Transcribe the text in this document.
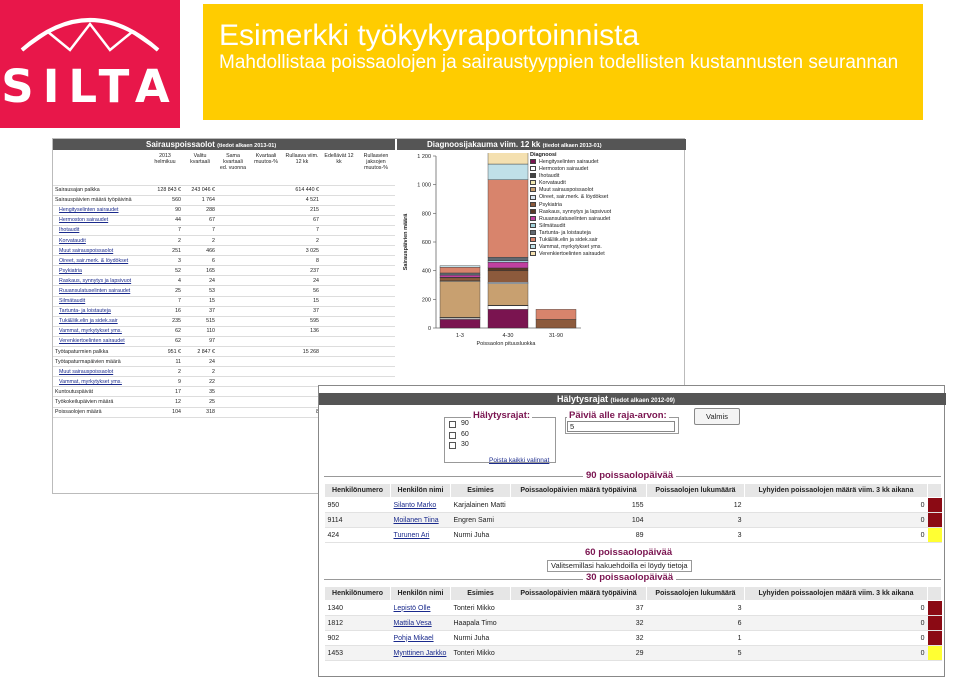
SILTA
Esimerkki työkykyraportoinnista
Mahdollistaa poissaolojen ja sairaustyyppien todellisten kustannusten seurannan
Sairauspoissaolot (tiedot alkaen 2013-01)	Diagnoosijakauma viim. 12 kk (tiedot alkaen 2013-01)
	2013 helmikuu	Valitu kvartaali	Sama kvartaali ed. vuonna	Kvartaali muutos-%	Rullaava viim. 12 kk	Edellävät 12 kk	Rullaavien jaksojen muutos-%
Sairausajan palkka	128 843 €	243 046 €			614 440 €		
Sairauspäivien määrä työpäivinä	560	1 764			4 521		
Hengityselinten sairaudet	90	288			215		
Hermoston sairaudet	44	67			67		
Ihotaudit	7	7			7		
Korvataudit	2	2			2		
Muut sairauspoissaolot	251	466			3 025		
Oireet, sair.merk. & löydökset	3	6			8		
Psykiatria	52	165			237		
Raskaus, synnytys ja lapsivuot	4	24			24		
Ruuansulatuselinten sairaudet	25	53			56		
Silmätaudit	7	15			15		
Tartunta- ja loistauteja	16	37			37		
Tuki&liik.elin ja sidek.sair	235	515			595		
Vammat, myrkytykset yms.	62	110			136		
Verenkiertoelinten sairaudet	62	97					
Työtapaturmien palkka	951 €	2 847 €			15 268		
Työtapaturmapäivien määrä	11	24					
Muut sairauspoissaolot	2	2					
Vammat, myrkytykset yms.	9	22					
Kuntoutuspäivät	17	35					
Työkokeilupäivien määrä	12	25					
Poissaolojen määrä	104	318					
0
200
400
600
800
1 000
1 200
Sairauspäivien määrä
1-3	4-30	31-90
Poissaolon pituusluokka
Diagnoosi
Hengityselinten sairaudet
Hermoston sairaudet
Ihotaudit
Korvataudit
Muut sairauspoissaolot
Oireet, sair.merk. & löydökset
Psykiatria
Raskaus, synnytys ja lapsivuot
Ruuansulatuselinten sairaudet
Silmätaudit
Tartunta- ja loistauteja
Tuki&liik.elin ja sidek.sair
Vammat, myrkytykset yms.
Verenkiertoelinten sairaudet
Hälytysrajat (tiedot alkaen 2012-09)
Hälytysrajat:
Poista kaikki valinnat
Päiviä alle raja-arvon:
5
Valmis
90 poissaolopäivää
Henkilönumero	Henkilön nimi	Esimies	Poissaolopäivien määrä työpäivinä	Poissaolojen lukumäärä	Lyhyiden poissaolojen määrä viim. 3 kk aikana	
950	Silanto Marko	Karjalainen Matti	155	12	0	

9114	Moilanen Tiina	Engren Sami	104	3	0	

424	Turunen Ari	Nurmi Juha	89	3	0	
60 poissaolopäivää
Valitsemillasi hakuehdoilla ei löydy tietoja
30 poissaolopäivää
Henkilönumero	Henkilön nimi	Esimies	Poissaolopäivien määrä työpäivinä	Poissaolojen lukumäärä	Lyhyiden poissaolojen määrä viim. 3 kk aikana	
1340	Lepistö Olle	Tonteri Mikko	37	3	0	

1812	Mattila Vesa	Haapala Timo	32	6	0	

902	Pohja Mikael	Nurmi Juha	32	1	0	

1453	Mynttinen Jarkko	Tonteri Mikko	29	5	0	
90
60
30
